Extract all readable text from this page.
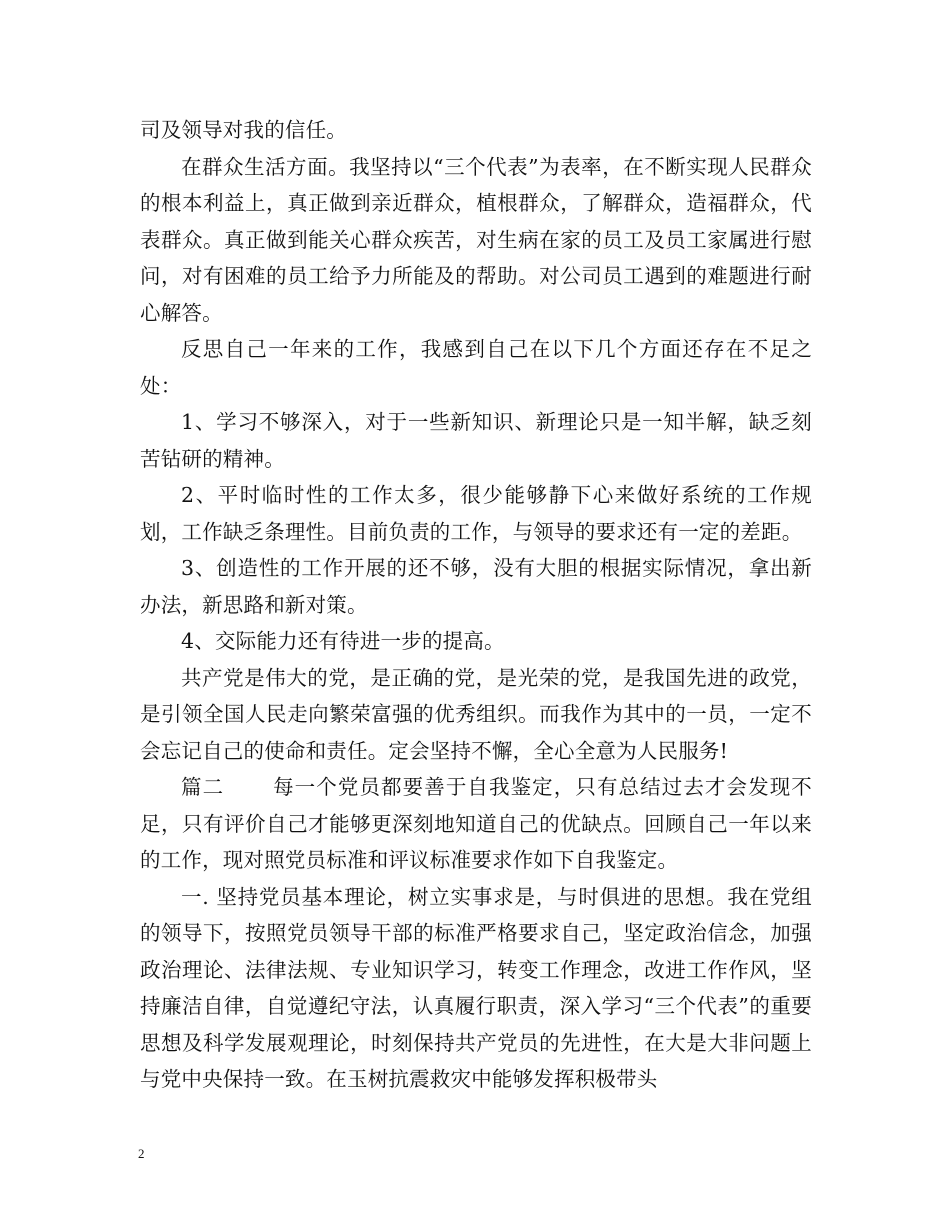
司及领导对我的信任。

在群众生活方面。我坚持以“三个代表”为表率，在不断实现人民群众的根本利益上，真正做到亲近群众，植根群众，了解群众，造福群众，代表群众。真正做到能关心群众疾苦，对生病在家的员工及员工家属进行慰问，对有困难的员工给予力所能及的帮助。对公司员工遇到的难题进行耐心解答。

反思自己一年来的工作，我感到自己在以下几个方面还存在不足之处：

1、学习不够深入，对于一些新知识、新理论只是一知半解，缺乏刻苦钻研的精神。

2、平时临时性的工作太多，很少能够静下心来做好系统的工作规划，工作缺乏条理性。目前负责的工作，与领导的要求还有一定的差距。

3、创造性的工作开展的还不够，没有大胆的根据实际情况，拿出新办法，新思路和新对策。

4、交际能力还有待进一步的提高。

共产党是伟大的党，是正确的党，是光荣的党，是我国先进的政党，是引领全国人民走向繁荣富强的优秀组织。而我作为其中的一员，一定不会忘记自己的使命和责任。定会坚持不懈，全心全意为人民服务!

篇二 每一个党员都要善于自我鉴定，只有总结过去才会发现不足，只有评价自己才能够更深刻地知道自己的优缺点。回顾自己一年以来的工作，现对照党员标准和评议标准要求作如下自我鉴定。

一. 坚持党员基本理论，树立实事求是，与时俱进的思想。我在党组的领导下，按照党员领导干部的标准严格要求自己，坚定政治信念，加强政治理论、法律法规、专业知识学习，转变工作理念，改进工作作风，坚持廉洁自律，自觉遵纪守法，认真履行职责，深入学习“三个代表”的重要思想及科学发展观理论，时刻保持共产党员的先进性，在大是大非问题上与党中央保持一致。在玉树抗震救灾中能够发挥积极带头

2
